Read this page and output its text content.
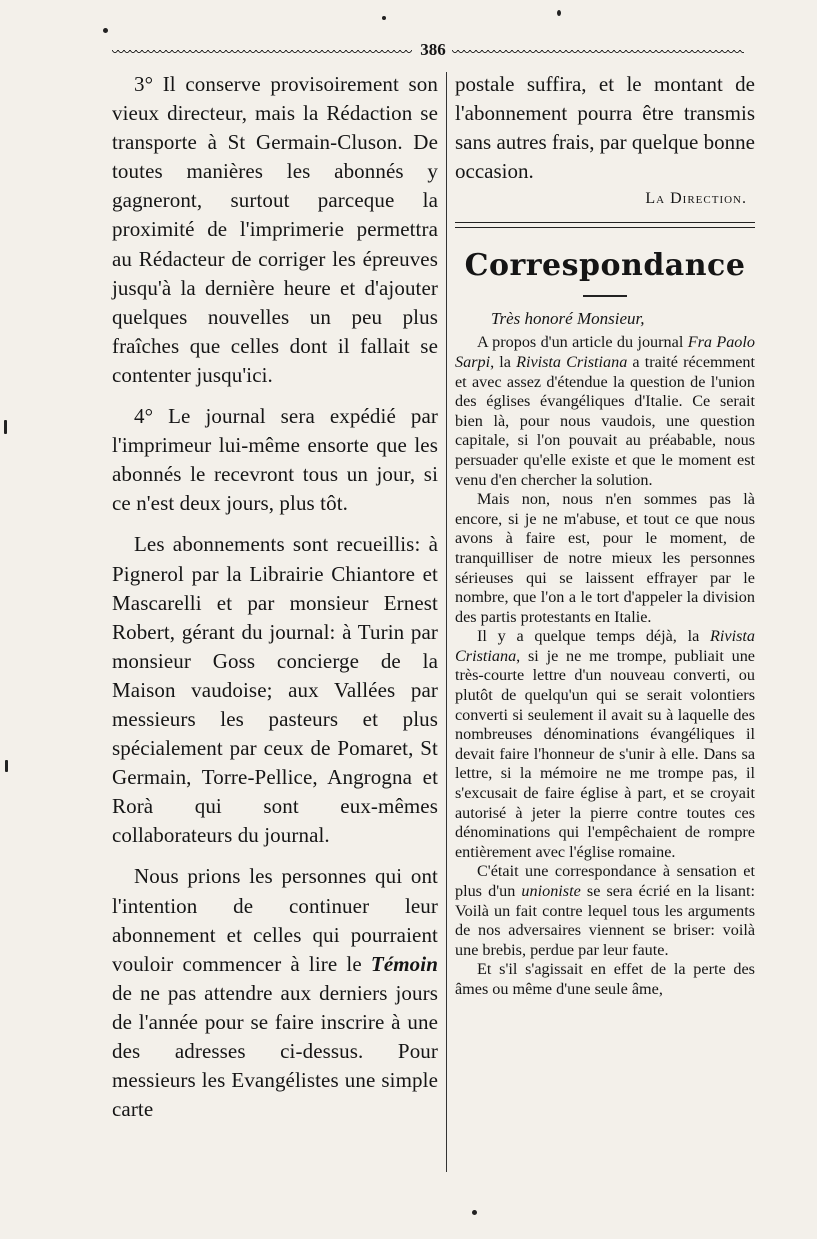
386

3° Il conserve provisoirement son vieux directeur, mais la Rédaction se transporte à St Germain-Cluson. De toutes manières les abonnés y gagneront, surtout parceque la proximité de l'imprimerie permettra au Rédacteur de corriger les épreuves jusqu'à la dernière heure et d'ajouter quelques nouvelles un peu plus fraîches que celles dont il fallait se contenter jusqu'ici.

4° Le journal sera expédié par l'imprimeur lui-même ensorte que les abonnés le recevront tous un jour, si ce n'est deux jours, plus tôt.

Les abonnements sont recueillis: à Pignerol par la Librairie Chiantore et Mascarelli et par monsieur Ernest Robert, gérant du journal: à Turin par monsieur Goss concierge de la Maison vaudoise; aux Vallées par messieurs les pasteurs et plus spécialement par ceux de Pomaret, St Germain, Torre-Pellice, Angrogna et Rorà qui sont eux-mêmes collaborateurs du journal.

Nous prions les personnes qui ont l'intention de continuer leur abonnement et celles qui pourraient vouloir commencer à lire le Témoin de ne pas attendre aux derniers jours de l'année pour se faire inscrire à une des adresses ci-dessus. Pour messieurs les Evangélistes une simple carte

postale suffira, et le montant de l'abonnement pourra être transmis sans autres frais, par quelque bonne occasion.

La Direction.
Correspondance
Très honoré Monsieur,

A propos d'un article du journal Fra Paolo Sarpi, la Rivista Cristiana a traité récemment et avec assez d'étendue la question de l'union des églises évangéliques d'Italie. Ce serait bien là, pour nous vaudois, une question capitale, si l'on pouvait au préabable, nous persuader qu'elle existe et que le moment est venu d'en chercher la solution.

Mais non, nous n'en sommes pas là encore, si je ne m'abuse, et tout ce que nous avons à faire est, pour le moment, de tranquilliser de notre mieux les personnes sérieuses qui se laissent effrayer par le nombre, que l'on a le tort d'appeler la division des partis protestants en Italie.

Il y a quelque temps déjà, la Rivista Cristiana, si je ne me trompe, publiait une très-courte lettre d'un nouveau converti, ou plutôt de quelqu'un qui se serait volontiers converti si seulement il avait su à laquelle des nombreuses dénominations évangéliques il devait faire l'honneur de s'unir à elle. Dans sa lettre, si la mémoire ne me trompe pas, il s'excusait de faire église à part, et se croyait autorisé à jeter la pierre contre toutes ces dénominations qui l'empêchaient de rompre entièrement avec l'église romaine.

C'était une correspondance à sensation et plus d'un unioniste se sera écrié en la lisant: Voilà un fait contre lequel tous les arguments de nos adversaires viennent se briser: voilà une brebis, perdue par leur faute.

Et s'il s'agissait en effet de la perte des âmes ou même d'une seule âme,
